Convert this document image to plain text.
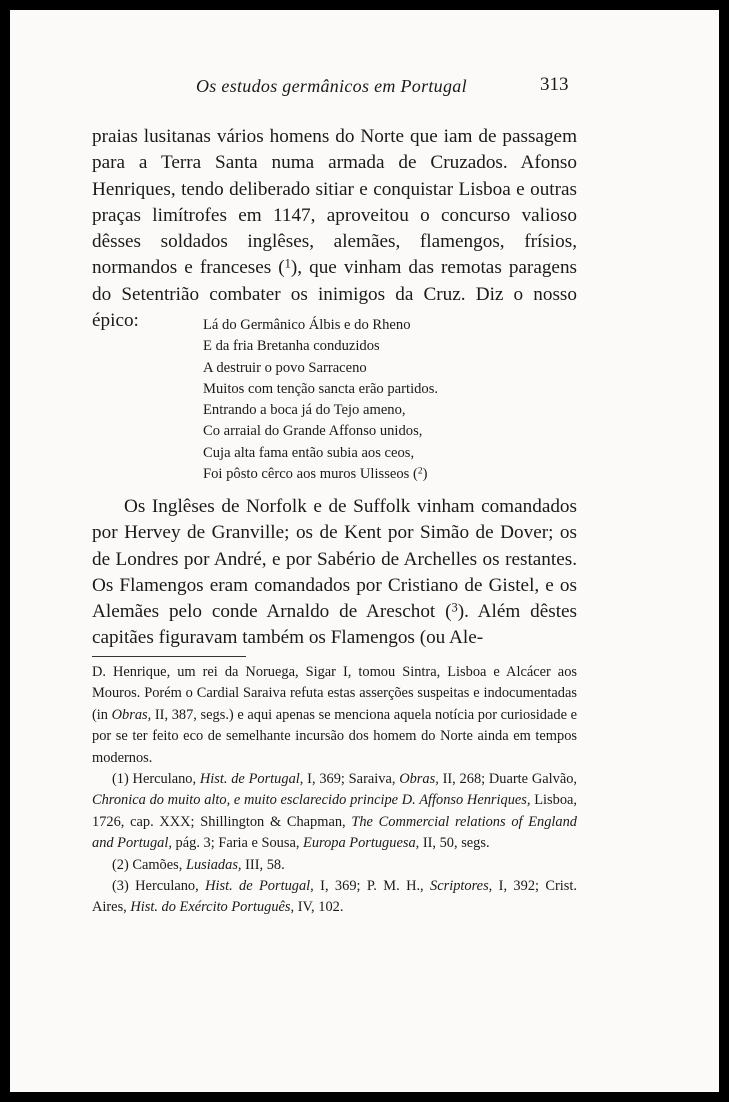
Os estudos germânicos em Portugal	313

praias lusitanas vários homens do Norte que iam de passagem para a Terra Santa numa armada de Cruzados. Afonso Henriques, tendo deliberado sitiar e conquistar Lisboa e outras praças limítrofes em 1147, aproveitou o concurso valioso dêsses soldados inglêses, alemães, flamengos, frísios, normandos e franceses ($^1$), que vinham das remotas paragens do Setentrião combater os inimigos da Cruz. Diz o nosso épico:	Lá do Germânico Álbis e do Rheno
E da fria Bretanha conduzidos
A destruir o povo Sarraceno
Muitos com tenção sancta erão partidos.
Entrando a boca já do Tejo ameno,
Co arraial do Grande Affonso unidos,
Cuja alta fama então subia aos ceos,
Foi pôsto cêrco aos muros Ulisseos ($^2$)

Os Inglêses de Norfolk e de Suffolk vinham comandados por Hervey de Granville; os de Kent por Simão de Dover; os de Londres por André, e por Sabério de Archelles os restantes. Os Flamengos eram comandados por Cristiano de Gistel, e os Alemães pelo conde Arnaldo de Areschot ($^3$). Além dêstes capitães figuravam também os Flamengos (ou Ale-

D. Henrique, um rei da Noruega, Sigar I, tomou Sintra, Lisboa e Alcácer aos Mouros. Porém o Cardial Saraiva refuta estas asserções suspeitas e indocumentadas (in Obras, II, 387, segs.) e aqui apenas se menciona aquela notícia por curiosidade e por se ter feito eco de semelhante incursão dos homem do Norte ainda em tempos modernos.

(1) Herculano, Hist. de Portugal, I, 369; Saraiva, Obras, II, 268; Duarte Galvão, Chronica do muito alto, e muito esclarecido principe D. Affonso Henriques, Lisboa, 1726, cap. XXX; Shillington & Chapman, The Commercial relations of England and Portugal, pág. 3; Faria e Sousa, Europa Portuguesa, II, 50, segs.

(2) Camões, Lusiadas, III, 58.

(3) Herculano, Hist. de Portugal, I, 369; P. M. H., Scriptores, I, 392; Crist. Aires, Hist. do Exército Português, IV, 102.
